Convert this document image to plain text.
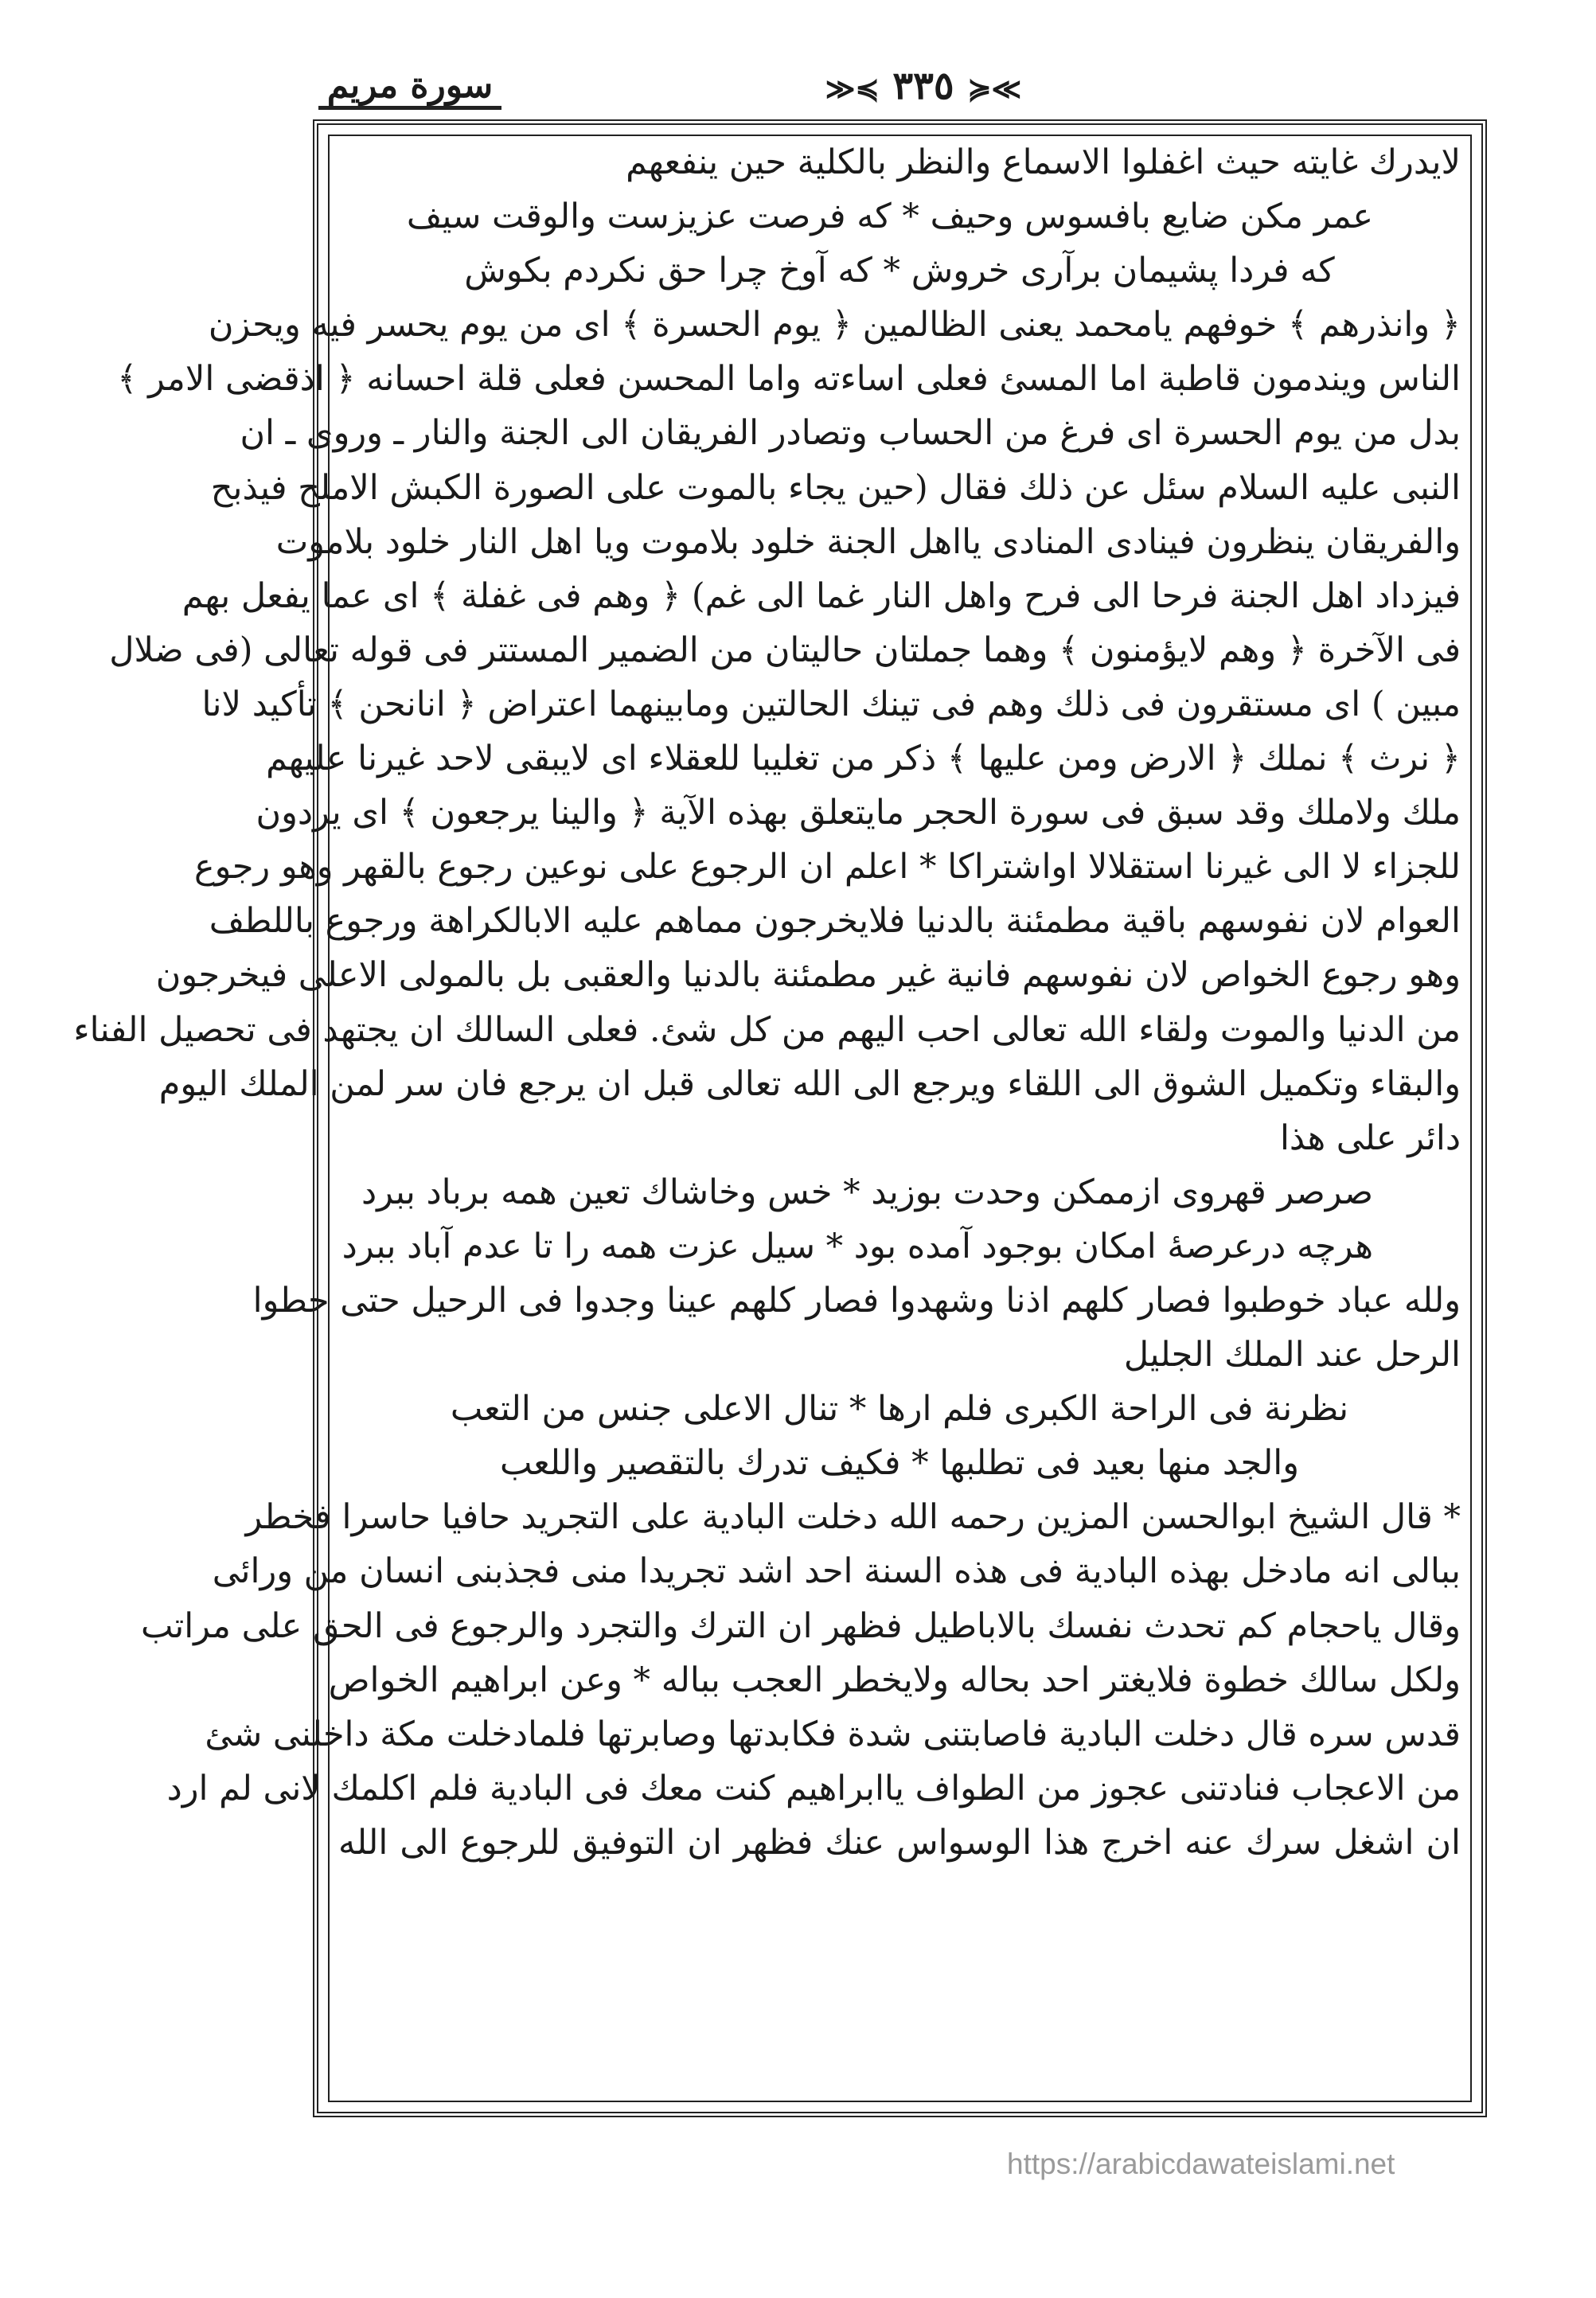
≫≼ ٣٣٥ ≽≪
سورة مريم
لايدرك غايته حيث اغفلوا الاسماع والنظر بالكلية حين ينفعهم
عمر مكن ضايع بافسوس وحيف * كه فرصت عزيزست والوقت سيف
كه فردا پشيمان برآرى خروش * كه آوخ چرا حق نكردم بكوش
﴿ وانذرهم ﴾ خوفهم يامحمد يعنى الظالمين ﴿ يوم الحسرة ﴾ اى من يوم يحسر فيه ويحزن
الناس ويندمون قاطبة اما المسئ فعلى اساءته واما المحسن فعلى قلة احسانه ﴿ اذقضى الامر ﴾
بدل من يوم الحسرة اى فرغ من الحساب وتصادر الفريقان الى الجنة والنار ـ وروى ـ ان
النبى عليه السلام سئل عن ذلك فقال (حين يجاء بالموت على الصورة الكبش الاملح فيذبح
والفريقان ينظرون فينادى المنادى يااهل الجنة خلود بلاموت ويا اهل النار خلود بلاموت
فيزداد اهل الجنة فرحا الى فرح واهل النار غما الى غم) ﴿ وهم فى غفلة ﴾ اى عما يفعل بهم
فى الآخرة ﴿ وهم لايؤمنون ﴾ وهما جملتان حاليتان من الضمير المستتر فى قوله تعالى (فى ضلال
مبين ) اى مستقرون فى ذلك وهم فى تينك الحالتين ومابينهما اعتراض ﴿ انانحن ﴾ تأكيد لانا
﴿ نرث ﴾ نملك ﴿ الارض ومن عليها ﴾ ذكر من تغليبا للعقلاء اى لايبقى لاحد غيرنا عليهم
ملك ولاملك وقد سبق فى سورة الحجر مايتعلق بهذه الآية ﴿ والينا يرجعون ﴾ اى يردون
للجزاء لا الى غيرنا استقلالا اواشتراكا * اعلم ان الرجوع على نوعين رجوع بالقهر وهو رجوع
العوام لان نفوسهم باقية مطمئنة بالدنيا فلايخرجون مماهم عليه الابالكراهة ورجوع باللطف
وهو رجوع الخواص لان نفوسهم فانية غير مطمئنة بالدنيا والعقبى بل بالمولى الاعلى فيخرجون
من الدنيا والموت ولقاء الله تعالى احب اليهم من كل شئ. فعلى السالك ان يجتهد فى تحصيل الفناء
والبقاء وتكميل الشوق الى اللقاء ويرجع الى الله تعالى قبل ان يرجع فان سر لمن الملك اليوم
دائر على هذا
صرصر قهروى ازممكن وحدت بوزيد * خس وخاشاك تعين همه برباد ببرد
هرچه درعرصهٔ امكان بوجود آمده بود * سيل عزت همه را تا عدم آباد ببرد
ولله عباد خوطبوا فصار كلهم اذنا وشهدوا فصار كلهم عينا وجدوا فى الرحيل حتى حطوا
الرحل عند الملك الجليل
نظرنة فى الراحة الكبرى فلم ارها * تنال الاعلى جنس من التعب
والجد منها بعيد فى تطلبها * فكيف تدرك بالتقصير واللعب
* قال الشيخ ابوالحسن المزين رحمه الله دخلت البادية على التجريد حافيا حاسرا فخطر
ببالى انه مادخل بهذه البادية فى هذه السنة احد اشد تجريدا منى فجذبنى انسان من ورائى
وقال ياحجام كم تحدث نفسك بالاباطيل فظهر ان الترك والتجرد والرجوع فى الحق على مراتب
ولكل سالك خطوة فلايغتر احد بحاله ولايخطر العجب بباله * وعن ابراهيم الخواص
قدس سره قال دخلت البادية فاصابتنى شدة فكابدتها وصابرتها فلمادخلت مكة داخلنى شئ
من الاعجاب فنادتنى عجوز من الطواف ياابراهيم كنت معك فى البادية فلم اكلمك لانى لم ارد
ان اشغل سرك عنه اخرج هذا الوسواس عنك فظهر ان التوفيق للرجوع الى الله
https://arabicdawateislami.net
